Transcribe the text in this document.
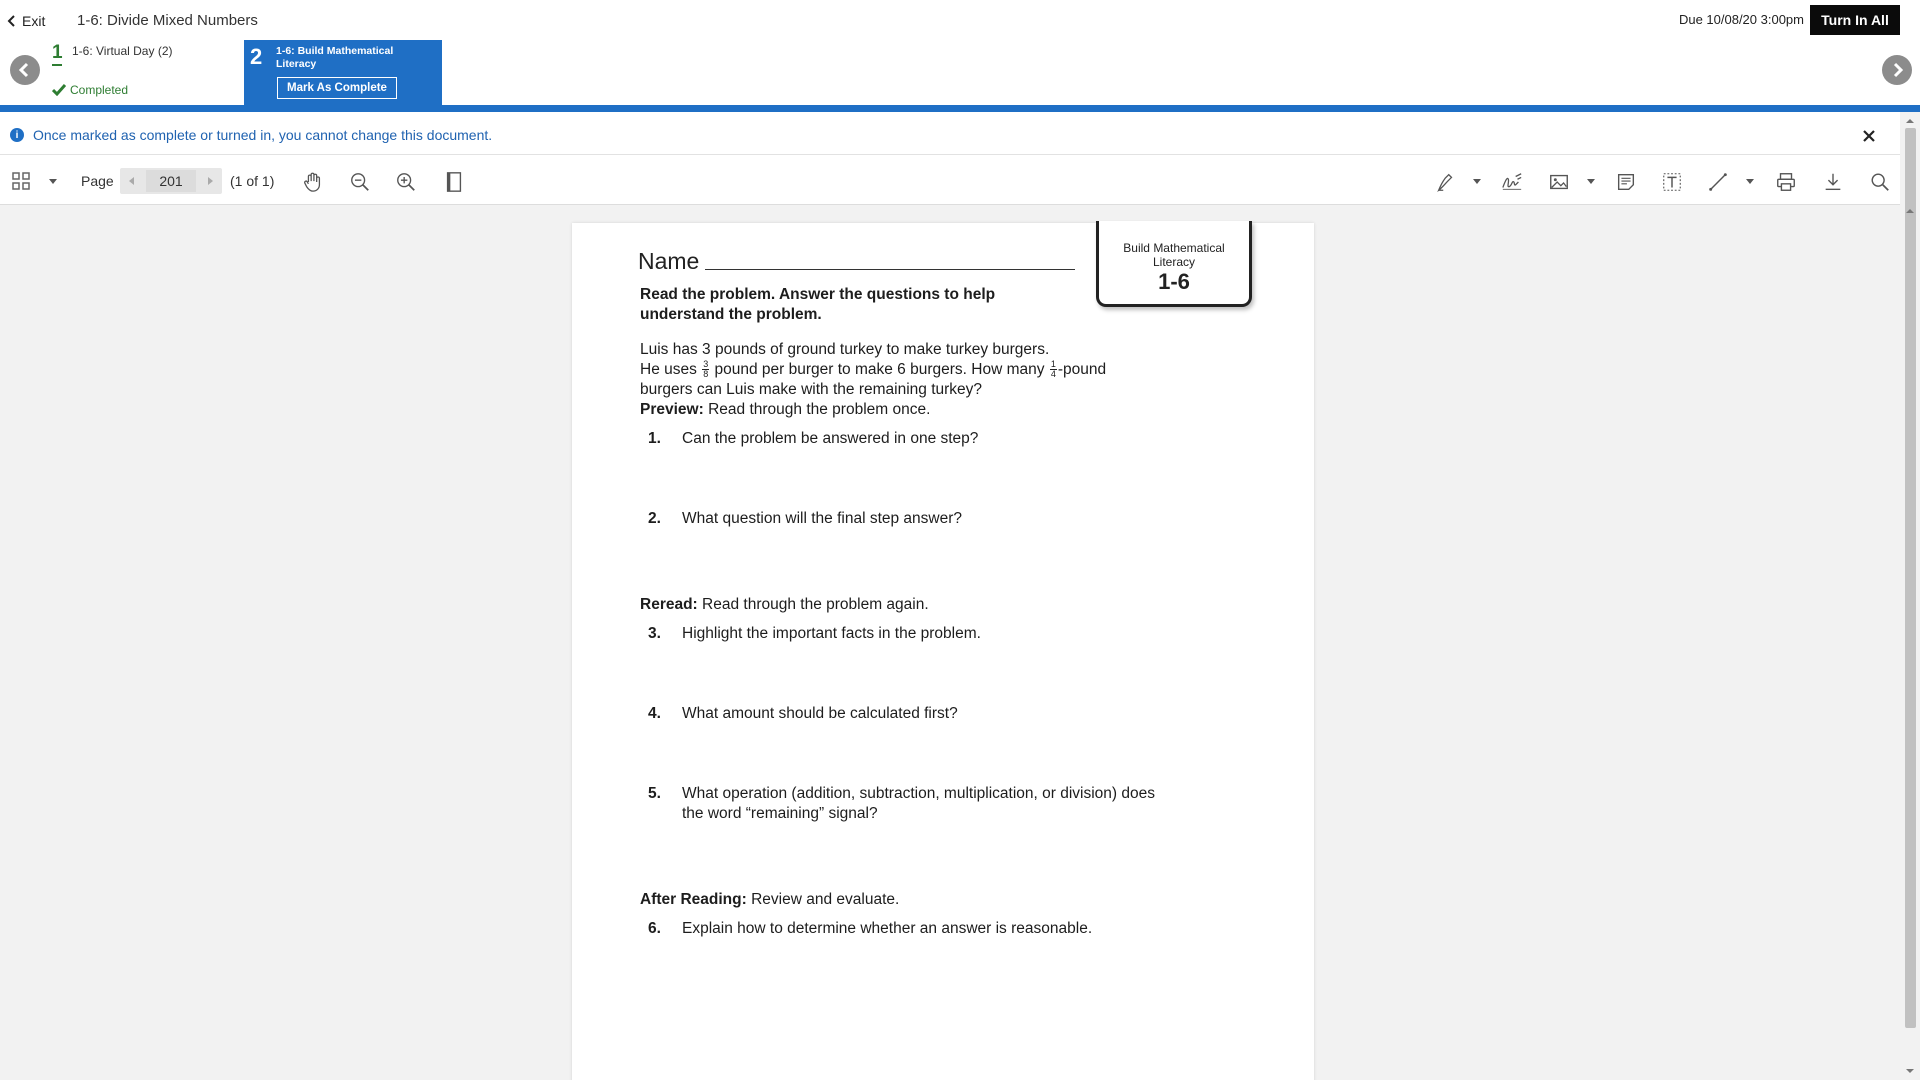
Exit 1-6: Divide Mixed Numbers	Due 10/08/20 3:00pm	Turn In All
1 1-6: Virtual Day (2)
Completed
2 1-6: Build Mathematical Literacy
Mark As Complete
i	Once marked as complete or turned in, you cannot change this document.
Page
201	(1 of 1)
Name	Build Mathematical
Literacy
1-6
Read the problem. Answer the questions to help understand the problem.
Luis has 3 pounds of ground turkey to make turkey burgers.
He uses $\frac{3}{8}$ pound per burger to make 6 burgers. How many $\frac{1}{4}$ -pound
burgers can Luis make with the remaining turkey?
Preview: Read through the problem once.
1. Can the problem be answered in one step?
2. What question will the final step answer?
Reread: Read through the problem again.
3. Highlight the important facts in the problem.
4. What amount should be calculated first?
5. What operation (addition, subtraction, multiplication, or division) does the word “remaining” signal?
After Reading: Review and evaluate.
6. Explain how to determine whether an answer is reasonable.
